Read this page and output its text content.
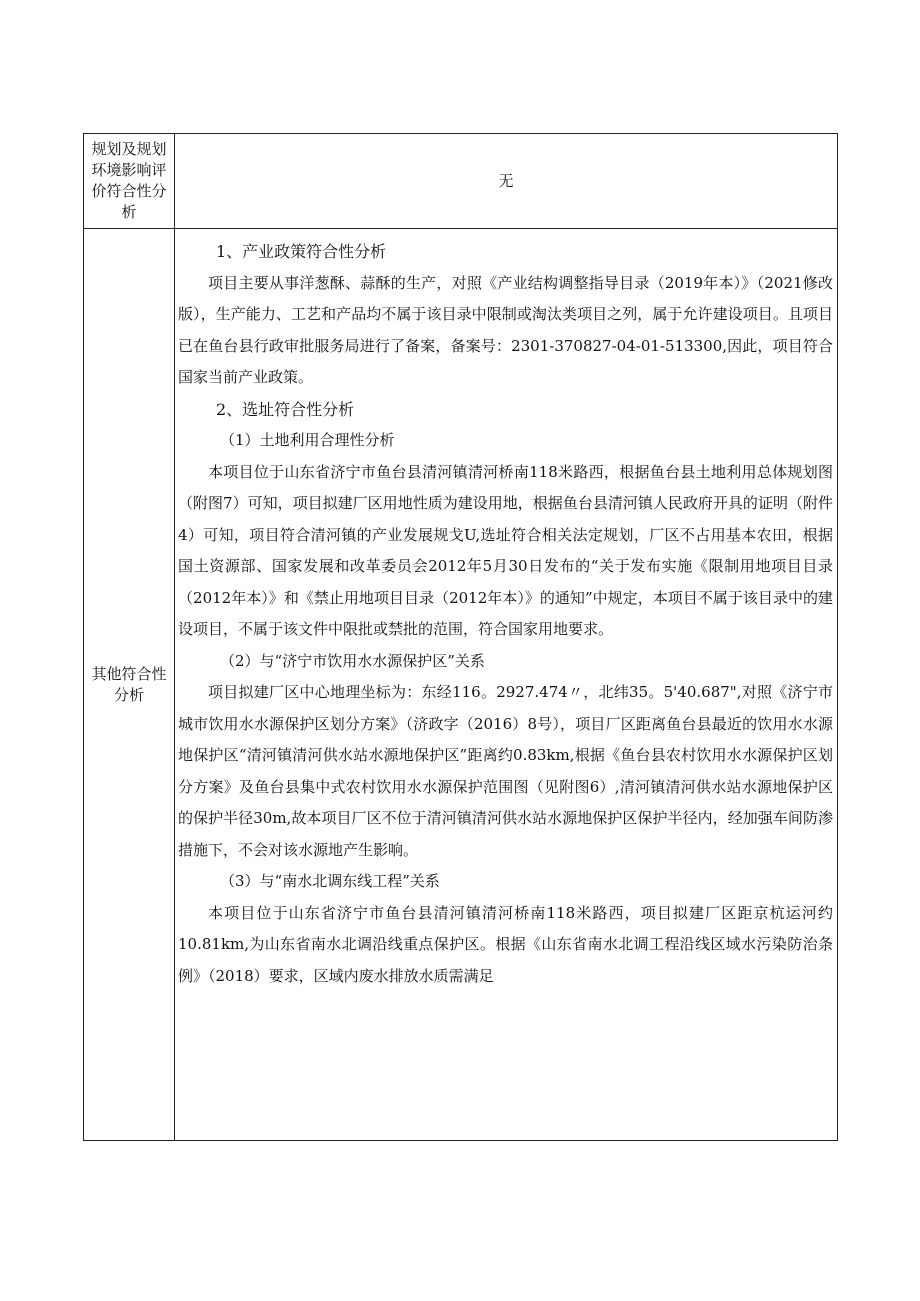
规划及规划环境影响评价符合性分析
无
其他符合性分析

1、产业政策符合性分析

项目主要从事洋葱酥、蒜酥的生产，对照《产业结构调整指导目录（2019年本）》（2021修改版），生产能力、工艺和产品均不属于该目录中限制或淘汰类项目之列，属于允许建设项目。且项目已在鱼台县行政审批服务局进行了备案，备案号：2301-370827-04-01-513300,因此，项目符合国家当前产业政策。

2、选址符合性分析

（1）土地利用合理性分析

本项目位于山东省济宁市鱼台县清河镇清河桥南118米路西，根据鱼台县土地利用总体规划图（附图7）可知，项目拟建厂区用地性质为建设用地，根据鱼台县清河镇人民政府开具的证明（附件4）可知，项目符合清河镇的产业发展规戈U,选址符合相关法定规划，厂区不占用基本农田，根据国土资源部、国家发展和改革委员会2012年5月30日发布的“关于发布实施《限制用地项目目录（2012年本）》和《禁止用地项目目录（2012年本）》的通知”中规定，本项目不属于该目录中的建设项目，不属于该文件中限批或禁批的范围，符合国家用地要求。

（2）与“济宁市饮用水水源保护区”关系

项目拟建厂区中心地理坐标为：东经116。2927.474〃，北纬35。5'40.687",对照《济宁市城市饮用水水源保护区划分方案》（济政字（2016）8号），项目厂区距离鱼台县最近的饮用水水源地保护区“清河镇清河供水站水源地保护区”距离约0.83km,根据《鱼台县农村饮用水水源保护区划分方案》及鱼台县集中式农村饮用水水源保护范围图（见附图6）,清河镇清河供水站水源地保护区的保护半径30m,故本项目厂区不位于清河镇清河供水站水源地保护区保护半径内，经加强车间防渗措施下，不会对该水源地产生影响。

（3）与“南水北调东线工程”关系

本项目位于山东省济宁市鱼台县清河镇清河桥南118米路西，项目拟建厂区距京杭运河约10.81km,为山东省南水北调沿线重点保护区。根据《山东省南水北调工程沿线区域水污染防治条例》（2018）要求，区域内废水排放水质需满足
